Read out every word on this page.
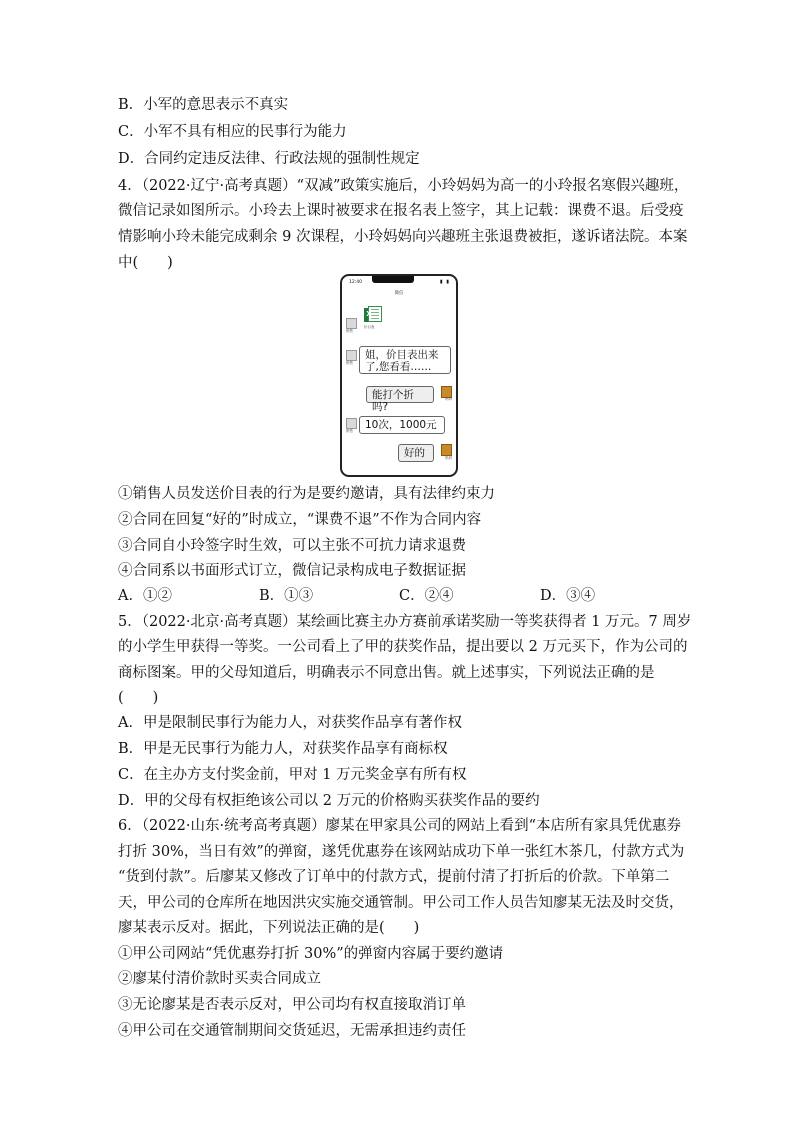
B．小军的意思表示不真实
C．小军不具有相应的民事行为能力
D．合同约定违反法律、行政法规的强制性规定
4．（2022·辽宁·高考真题）“双减”政策实施后，小玲妈妈为高一的小玲报名寒假兴趣班，
微信记录如图所示。小玲去上课时被要求在报名表上签字，其上记载：课费不退。后受疫
情影响小玲未能完成剩余 9 次课程，小玲妈妈向兴趣班主张退费被拒，遂诉诸法院。本案
中(　　)
12:40	▮ ▮
微信
销售
X
价目表
销售
姐，价目表出来了,您看看……
能打个折吗?
妈妈
销售	10次，1000元
好的	妈妈
①销售人员发送价目表的行为是要约邀请，具有法律约束力
②合同在回复“好的”时成立，“课费不退”不作为合同内容
③合同自小玲签字时生效，可以主张不可抗力请求退费
④合同系以书面形式订立，微信记录构成电子数据证据
A．①②	B．①③	C．②④	D．③④
5．（2022·北京·高考真题）某绘画比赛主办方赛前承诺奖励一等奖获得者 1 万元。7 周岁
的小学生甲获得一等奖。一公司看上了甲的获奖作品，提出要以 2 万元买下，作为公司的
商标图案。甲的父母知道后，明确表示不同意出售。就上述事实，下列说法正确的是
(　　)
A．甲是限制民事行为能力人，对获奖作品享有著作权
B．甲是无民事行为能力人，对获奖作品享有商标权
C．在主办方支付奖金前，甲对 1 万元奖金享有所有权
D．甲的父母有权拒绝该公司以 2 万元的价格购买获奖作品的要约
6．（2022·山东·统考高考真题）廖某在甲家具公司的网站上看到“本店所有家具凭优惠券
打折 30%，当日有效”的弹窗，遂凭优惠券在该网站成功下单一张红木茶几，付款方式为
“货到付款”。后廖某又修改了订单中的付款方式，提前付清了打折后的价款。下单第二
天，甲公司的仓库所在地因洪灾实施交通管制。甲公司工作人员告知廖某无法及时交货，
廖某表示反对。据此，下列说法正确的是(　　)
①甲公司网站“凭优惠券打折 30%”的弹窗内容属于要约邀请
②廖某付清价款时买卖合同成立
③无论廖某是否表示反对，甲公司均有权直接取消订单
④甲公司在交通管制期间交货延迟，无需承担违约责任
